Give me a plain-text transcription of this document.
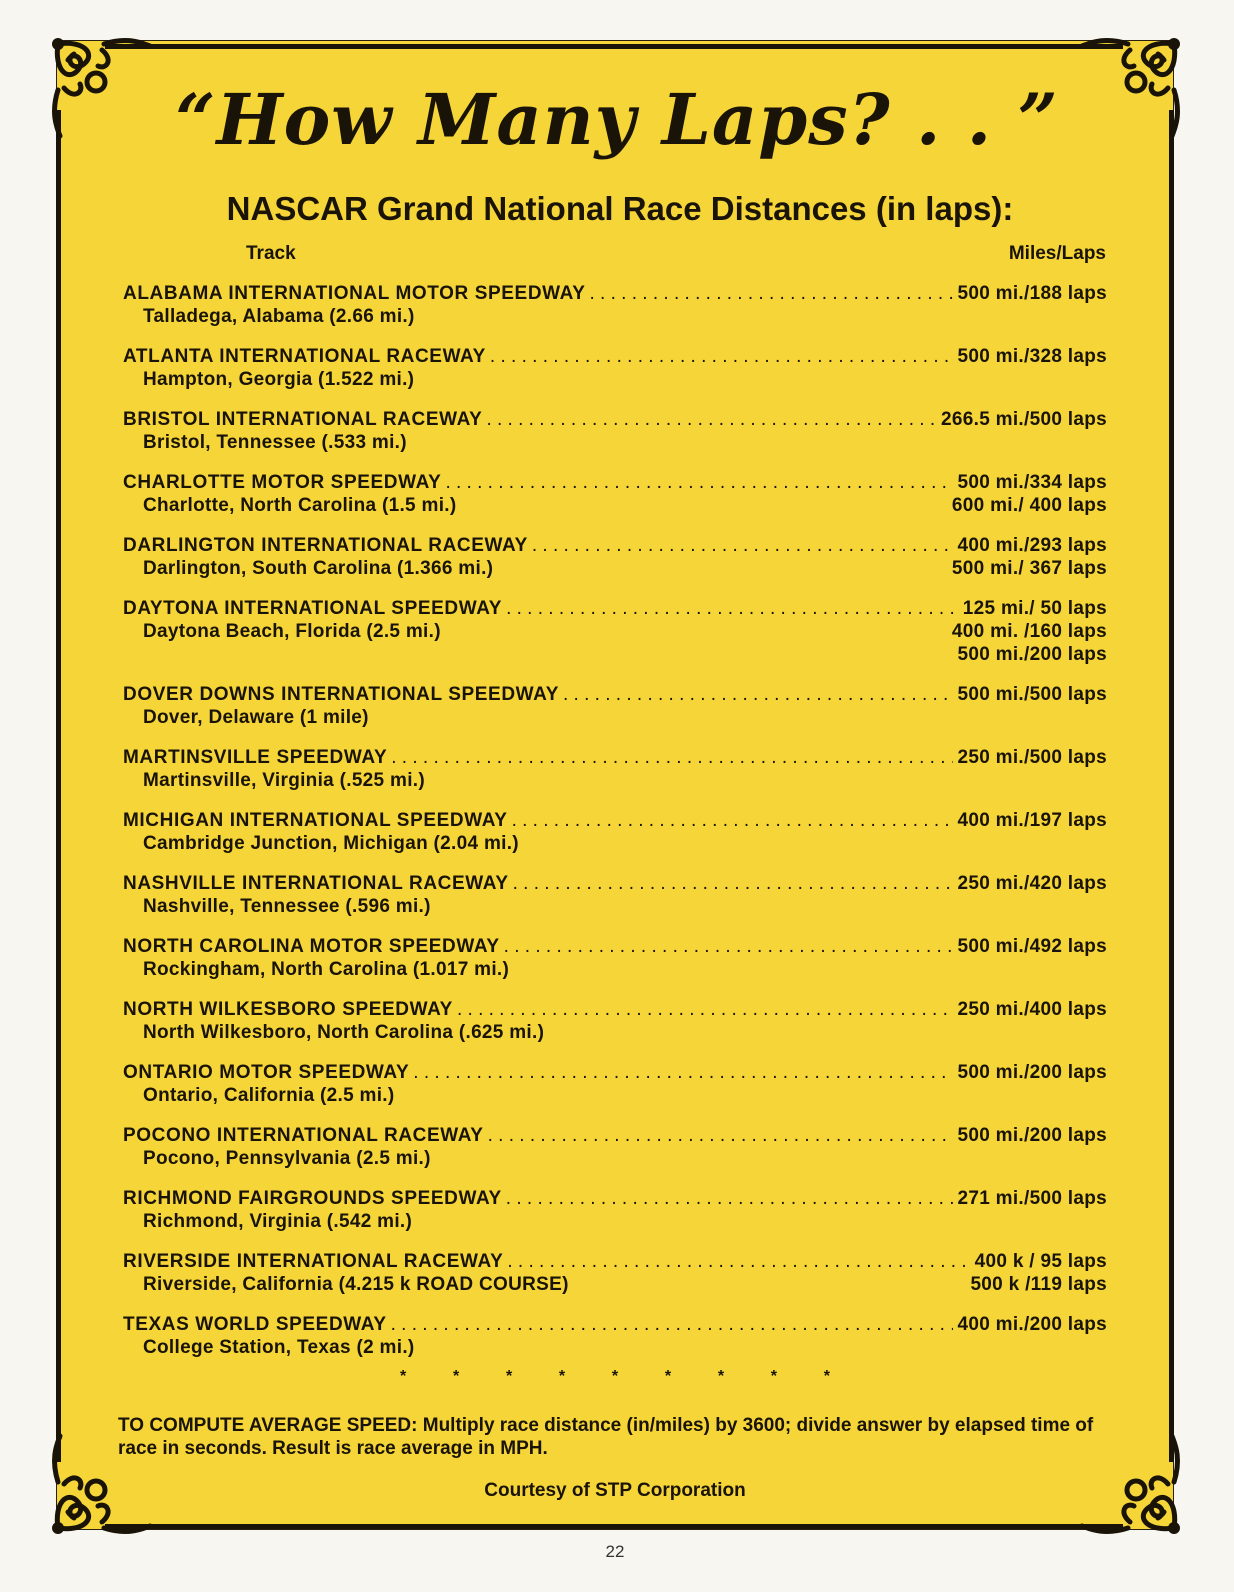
“How Many Laps? . . ”
NASCAR Grand National Race Distances (in laps):
Track	Miles/Laps
ALABAMA INTERNATIONAL MOTOR SPEEDWAY . . .	500 mi./188 laps
Talladega, Alabama (2.66 mi.)
ATLANTA INTERNATIONAL RACEWAY . . .	500 mi./328 laps
Hampton, Georgia (1.522 mi.)
BRISTOL INTERNATIONAL RACEWAY . . .	266.5 mi./500 laps
Bristol, Tennessee (.533 mi.)
CHARLOTTE MOTOR SPEEDWAY . . .	500 mi./334 laps
Charlotte, North Carolina (1.5 mi.)	600 mi./ 400 laps
DARLINGTON INTERNATIONAL RACEWAY . . .	400 mi./293 laps
Darlington, South Carolina (1.366 mi.)	500 mi./ 367 laps
DAYTONA INTERNATIONAL SPEEDWAY . . .	125 mi./ 50 laps
Daytona Beach, Florida (2.5 mi.)	400 mi. /160 laps
500 mi./200 laps
DOVER DOWNS INTERNATIONAL SPEEDWAY . . .	500 mi./500 laps
Dover, Delaware (1 mile)
MARTINSVILLE SPEEDWAY . . .	250 mi./500 laps
Martinsville, Virginia (.525 mi.)
MICHIGAN INTERNATIONAL SPEEDWAY . . .	400 mi./197 laps
Cambridge Junction, Michigan (2.04 mi.)
NASHVILLE INTERNATIONAL RACEWAY . . .	250 mi./420 laps
Nashville, Tennessee (.596 mi.)
NORTH CAROLINA MOTOR SPEEDWAY . . .	500 mi./492 laps
Rockingham, North Carolina (1.017 mi.)
NORTH WILKESBORO SPEEDWAY . . .	250 mi./400 laps
North Wilkesboro, North Carolina (.625 mi.)
ONTARIO MOTOR SPEEDWAY . . .	500 mi./200 laps
Ontario, California (2.5 mi.)
POCONO INTERNATIONAL RACEWAY . . .	500 mi./200 laps
Pocono, Pennsylvania (2.5 mi.)
RICHMOND FAIRGROUNDS SPEEDWAY . . .	271 mi./500 laps
Richmond, Virginia (.542 mi.)
RIVERSIDE INTERNATIONAL RACEWAY . . .	400 k / 95 laps
Riverside, California (4.215 k ROAD COURSE)	500 k /119 laps
TEXAS WORLD SPEEDWAY . . .	400 mi./200 laps
College Station, Texas (2 mi.)
*	*	*	*	*	*	*	*	*
TO COMPUTE AVERAGE SPEED: Multiply race distance (in/miles) by 3600; divide answer by elapsed time of race in seconds. Result is race average in MPH.
Courtesy of STP Corporation
22
